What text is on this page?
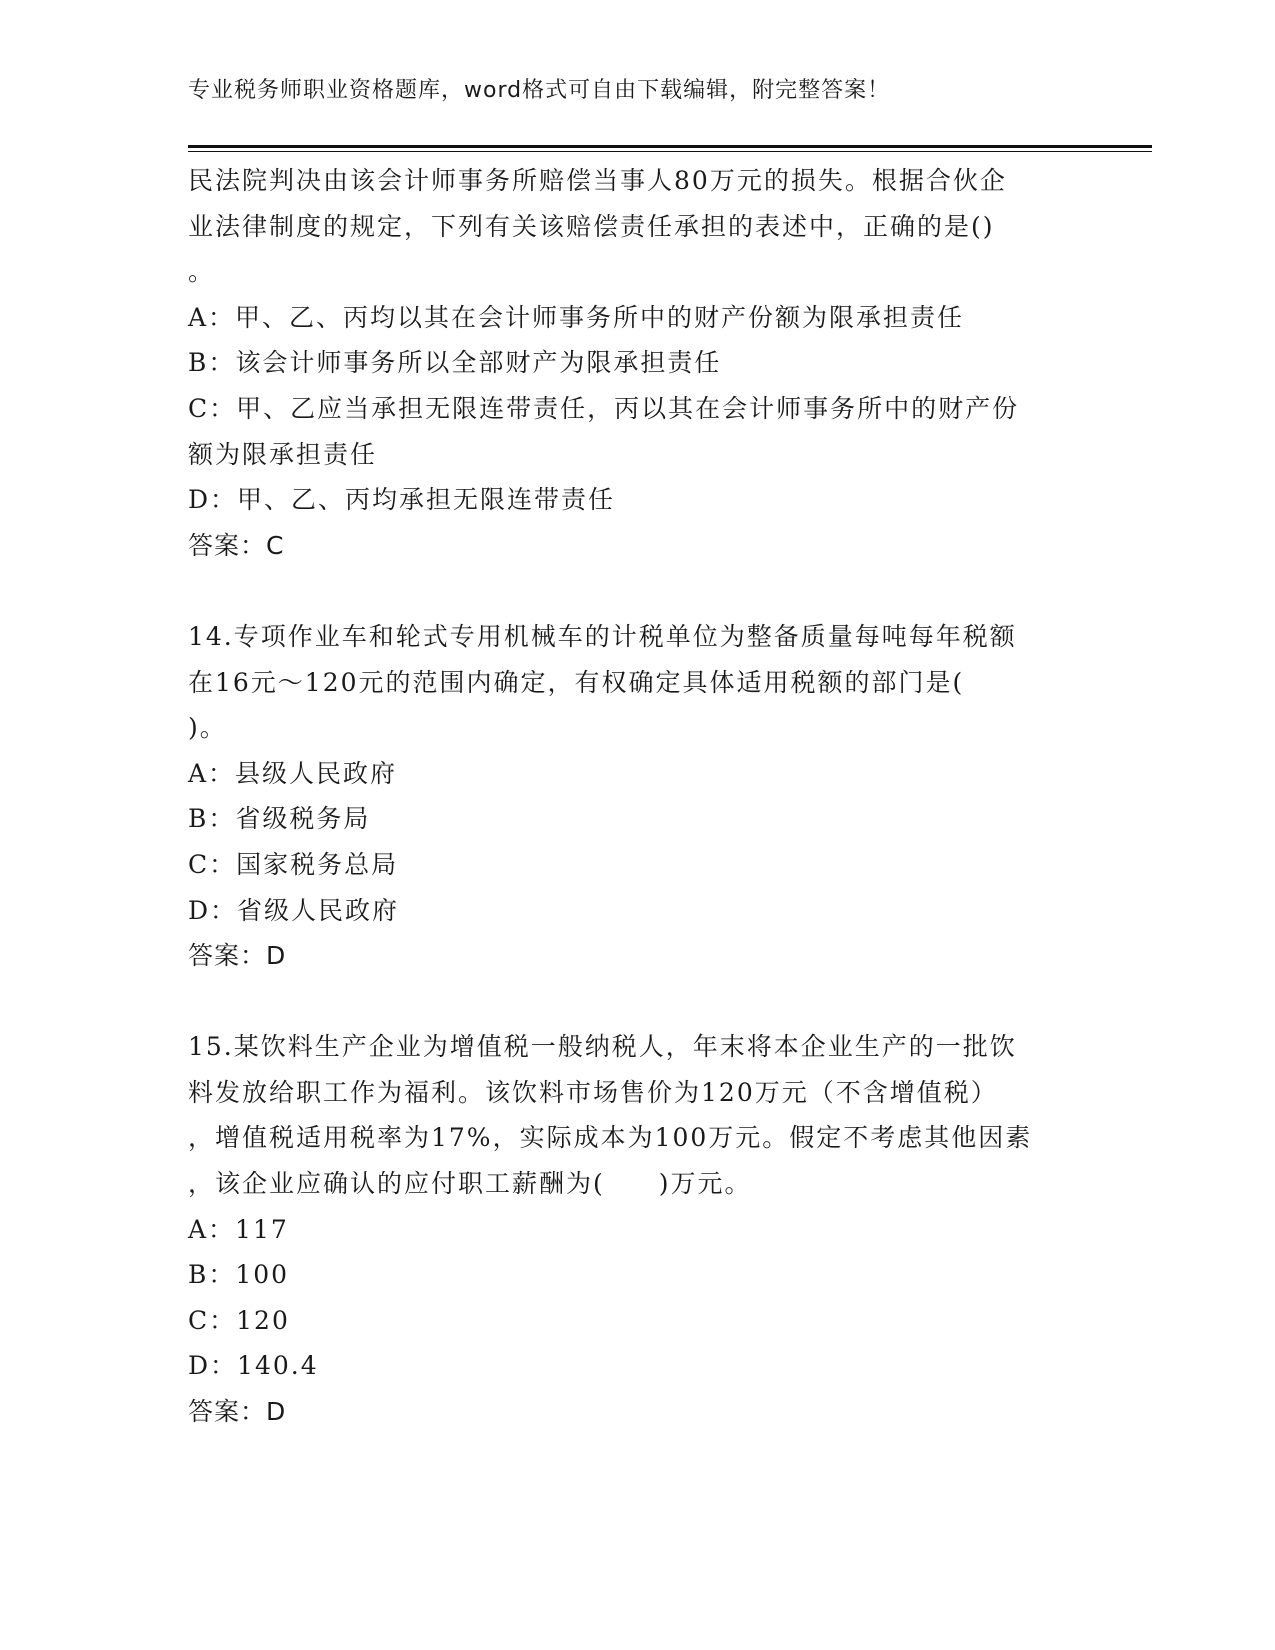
专业税务师职业资格题库，word格式可自由下载编辑，附完整答案！
民法院判决由该会计师事务所赔偿当事人80万元的损失。根据合伙企
业法律制度的规定，下列有关该赔偿责任承担的表述中，正确的是()
。
A：甲、乙、丙均以其在会计师事务所中的财产份额为限承担责任
B：该会计师事务所以全部财产为限承担责任
C：甲、乙应当承担无限连带责任，丙以其在会计师事务所中的财产份
额为限承担责任
D：甲、乙、丙均承担无限连带责任
答案：C
14.专项作业车和轮式专用机械车的计税单位为整备质量每吨每年税额
在16元～120元的范围内确定，有权确定具体适用税额的部门是(
)。
A：县级人民政府
B：省级税务局
C：国家税务总局
D：省级人民政府
答案：D
15.某饮料生产企业为增值税一般纳税人，年末将本企业生产的一批饮
料发放给职工作为福利。该饮料市场售价为120万元（不含增值税）
，增值税适用税率为17%，实际成本为100万元。假定不考虑其他因素
，该企业应确认的应付职工薪酬为(　　)万元。
A：117
B：100
C：120
D：140.4
答案：D
